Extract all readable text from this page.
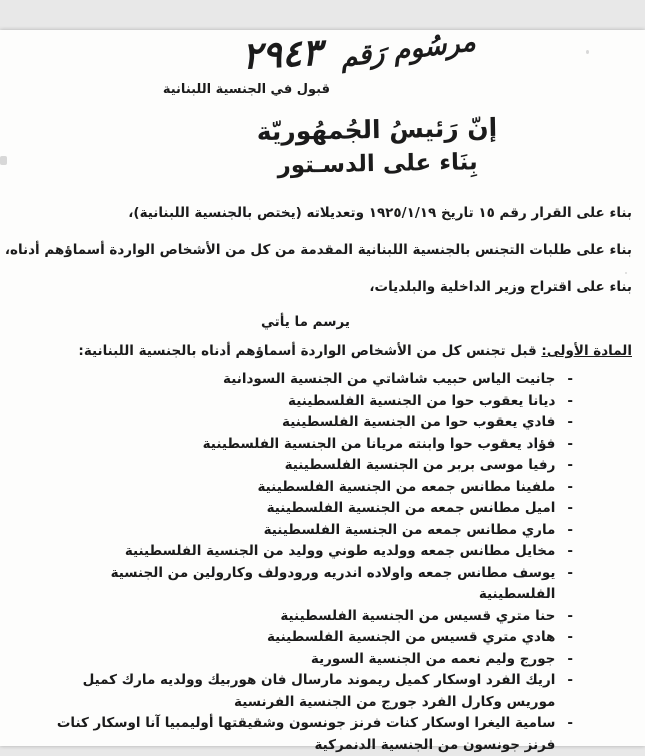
مرسُوم رَقم
٢٩٤٣
قبول في الجنسية اللبنانية
إنّ رَئيسُ الجُمهُوريّة
بِنَاء على الدسـتور

بناء على القرار رقم ١٥ تاريخ ١٩٢٥/١/١٩ وتعديلاته (يختص بالجنسية اللبنانية)،

بناء على طلبات التجنس بالجنسية اللبنانية المقدمة من كل من الأشخاص الواردة أسماؤهم أدناه،

بناء على اقتراح وزير الداخلية والبلديات،

يرسم ما يأتي

المادة الأولى: قبل تجنس كل من الأشخاص الواردة أسماؤهم أدناه بالجنسية اللبنانية:

-
جانيت الياس حبيب شاشاتي من الجنسية السودانية
-
ديانا يعقوب حوا من الجنسية الفلسطينية
-
فادي يعقوب حوا من الجنسية الفلسطينية
-
فؤاد يعقوب حوا وابنته مريانا من الجنسية الفلسطينية
-
رفيا موسى بربر من الجنسية الفلسطينية
-
ملفينا مطانس جمعه من الجنسية الفلسطينية
-
اميل مطانس جمعه من الجنسية الفلسطينية
-
ماري مطانس جمعه من الجنسية الفلسطينية
-
مخايل مطانس جمعه وولديه طوني ووليد من الجنسية الفلسطينية
-
يوسف مطانس جمعه واولاده اندريه ورودولف وكارولين من الجنسية الفلسطينية
-
حنا متري قسيس من الجنسية الفلسطينية
-
هادي متري قسيس من الجنسية الفلسطينية
-
جورج وليم نعمه من الجنسية السورية
-
اريك الفرد اوسكار كميل ريموند مارسال فان هوربيك وولديه مارك كميل موريس وكارل الفرد جورج من الجنسية الفرنسية
-
سامية اليغرا اوسكار كنات فرنز جونسون وشقيقتها أوليمبيا آنا اوسكار كنات فرنز جونسون من الجنسية الدنمركية
